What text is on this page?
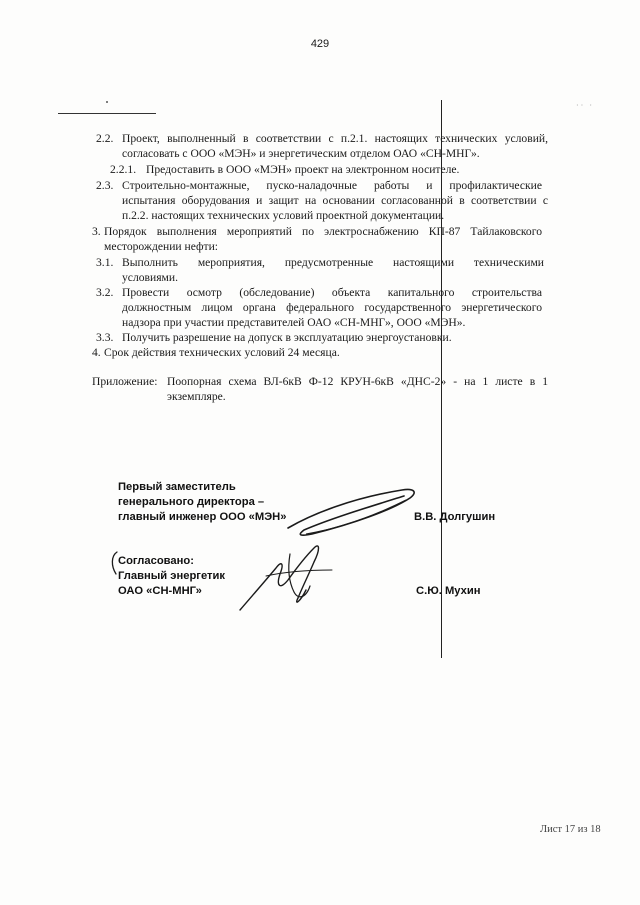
429
·· ·
2.2. Проект, выполненный в соответствии с п.2.1. настоящих технических условий,
согласовать с ООО «МЭН» и энергетическим отделом ОАО «СН-МНГ».
2.2.1. Предоставить в ООО «МЭН» проект на электронном носителе.
2.3. Строительно-монтажные, пуско-наладочные работы и профилактические
испытания оборудования и защит на основании согласованной в соответствии с
п.2.2. настоящих технических условий проектной документации.
3. Порядок выполнения мероприятий по электроснабжению КП-87 Тайлаковского
месторождении нефти:
3.1. Выполнить мероприятия, предусмотренные настоящими техническими
условиями.
3.2. Провести осмотр (обследование) объекта капитального строительства
должностным лицом органа федерального государственного энергетического
надзора при участии представителей ОАО «СН-МНГ», ООО «МЭН».
3.3. Получить разрешение на допуск в эксплуатацию энергоустановки.
4. Срок действия технических условий 24 месяца.
Приложение: Поопорная схема ВЛ-6кВ Ф-12 КРУН-6кВ «ДНС-2» - на 1 листе в 1
экземпляре.
Первый заместитель
генерального директора –
главный инженер ООО «МЭН»	В.В. Долгушин
Согласовано:
Главный энергетик
ОАО «СН-МНГ»	С.Ю. Мухин
Лист 17 из 18
